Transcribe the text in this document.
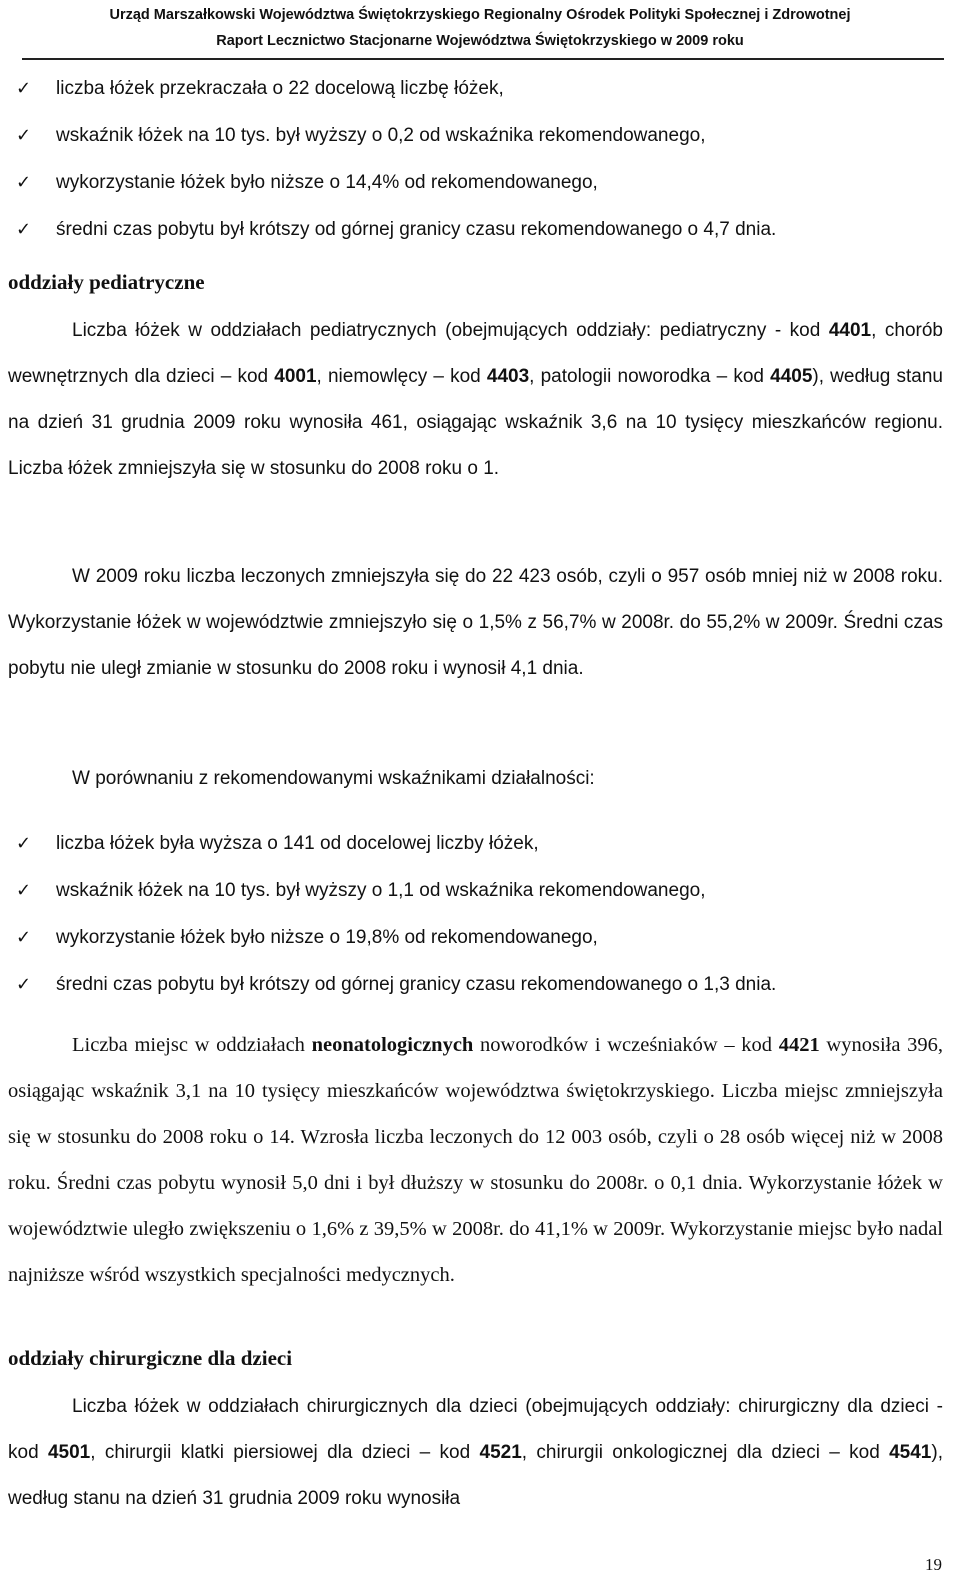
Urząd Marszałkowski Województwa Świętokrzyskiego Regionalny Ośrodek Polityki Społecznej i Zdrowotnej
Raport Lecznictwo Stacjonarne Województwa Świętokrzyskiego w 2009 roku
✓ liczba łóżek przekraczała o 22 docelową liczbę łóżek,
✓ wskaźnik łóżek na 10 tys. był wyższy o 0,2 od wskaźnika rekomendowanego,
✓ wykorzystanie łóżek było niższe o 14,4% od rekomendowanego,
✓ średni czas pobytu był krótszy od górnej granicy czasu rekomendowanego o 4,7 dnia.
oddziały pediatryczne

Liczba łóżek w oddziałach pediatrycznych (obejmujących oddziały: pediatryczny - kod 4401, chorób wewnętrznych dla dzieci – kod 4001, niemowlęcy – kod 4403, patologii noworodka – kod 4405), według stanu na dzień 31 grudnia 2009 roku wynosiła 461, osiągając wskaźnik 3,6 na 10 tysięcy mieszkańców regionu. Liczba łóżek zmniejszyła się w stosunku do 2008 roku o 1.

W 2009 roku liczba leczonych zmniejszyła się do 22 423 osób, czyli o 957 osób mniej niż w 2008 roku. Wykorzystanie łóżek w województwie zmniejszyło się o 1,5% z 56,7% w 2008r. do 55,2% w 2009r. Średni czas pobytu nie uległ zmianie w stosunku do 2008 roku i wynosił 4,1 dnia.

W porównaniu z rekomendowanymi wskaźnikami działalności:

✓ liczba łóżek była wyższa o 141 od docelowej liczby łóżek,
✓ wskaźnik łóżek na 10 tys. był wyższy o 1,1 od wskaźnika rekomendowanego,
✓ wykorzystanie łóżek było niższe o 19,8% od rekomendowanego,
✓ średni czas pobytu był krótszy od górnej granicy czasu rekomendowanego o 1,3 dnia.

Liczba miejsc w oddziałach neonatologicznych noworodków i wcześniaków – kod 4421 wynosiła 396, osiągając wskaźnik 3,1 na 10 tysięcy mieszkańców województwa świętokrzyskiego. Liczba miejsc zmniejszyła się w stosunku do 2008 roku o 14. Wzrosła liczba leczonych do 12 003 osób, czyli o 28 osób więcej niż w 2008 roku. Średni czas pobytu wynosił 5,0 dni i był dłuższy w stosunku do 2008r. o 0,1 dnia. Wykorzystanie łóżek w województwie uległo zwiększeniu o 1,6% z 39,5% w 2008r. do 41,1% w 2009r. Wykorzystanie miejsc było nadal najniższe wśród wszystkich specjalności medycznych.

oddziały chirurgiczne dla dzieci

Liczba łóżek w oddziałach chirurgicznych dla dzieci (obejmujących oddziały: chirurgiczny dla dzieci - kod 4501, chirurgii klatki piersiowej dla dzieci – kod 4521, chirurgii onkologicznej dla dzieci – kod 4541), według stanu na dzień 31 grudnia 2009 roku wynosiła

19
